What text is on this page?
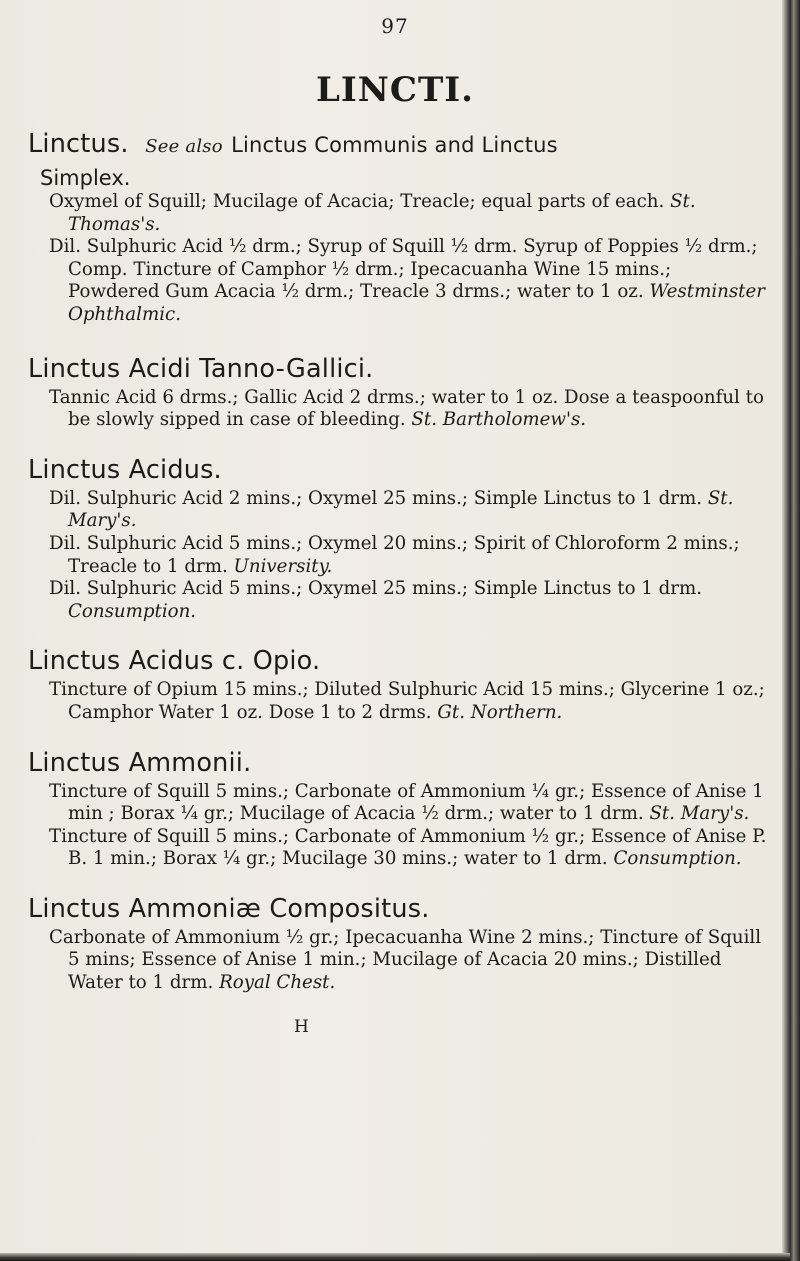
97
LINCTI.
Linctus. See also Linctus Communis and Linctus
Simplex.

Oxymel of Squill; Mucilage of Acacia; Treacle; equal parts of each. St. Thomas's.

Dil. Sulphuric Acid ½ drm.; Syrup of Squill ½ drm. Syrup of Poppies ½ drm.; Comp. Tincture of Camphor ½ drm.; Ipecacuanha Wine 15 mins.; Powdered Gum Acacia ½ drm.; Treacle 3 drms.; water to 1 oz. Westminster Ophthalmic.

Linctus Acidi Tanno-Gallici.

Tannic Acid 6 drms.; Gallic Acid 2 drms.; water to 1 oz. Dose a teaspoonful to be slowly sipped in case of bleeding. St. Bartholomew's.

Linctus Acidus.

Dil. Sulphuric Acid 2 mins.; Oxymel 25 mins.; Simple Linctus to 1 drm. St. Mary's.

Dil. Sulphuric Acid 5 mins.; Oxymel 20 mins.; Spirit of Chloroform 2 mins.; Treacle to 1 drm. University.

Dil. Sulphuric Acid 5 mins.; Oxymel 25 mins.; Simple Linctus to 1 drm. Consumption.

Linctus Acidus c. Opio.

Tincture of Opium 15 mins.; Diluted Sulphuric Acid 15 mins.; Glycerine 1 oz.; Camphor Water 1 oz. Dose 1 to 2 drms. Gt. Northern.

Linctus Ammonii.

Tincture of Squill 5 mins.; Carbonate of Ammonium ¼ gr.; Essence of Anise 1 min ; Borax ¼ gr.; Mucilage of Acacia ½ drm.; water to 1 drm. St. Mary's.

Tincture of Squill 5 mins.; Carbonate of Ammonium ½ gr.; Essence of Anise P. B. 1 min.; Borax ¼ gr.; Mucilage 30 mins.; water to 1 drm. Consumption.

Linctus Ammoniæ Compositus.

Carbonate of Ammonium ½ gr.; Ipecacuanha Wine 2 mins.; Tincture of Squill 5 mins; Essence of Anise 1 min.; Mucilage of Acacia 20 mins.; Distilled Water to 1 drm. Royal Chest.

H
